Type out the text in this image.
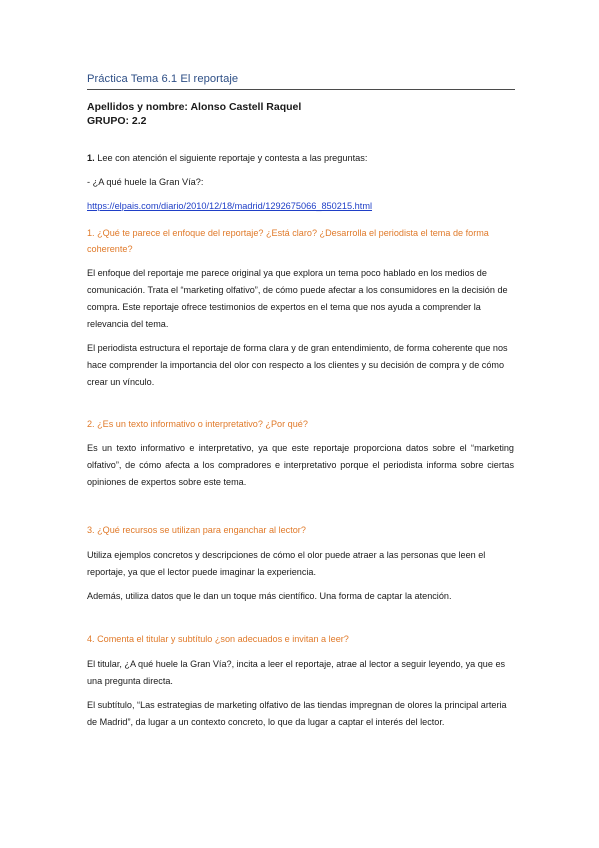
Práctica Tema 6.1 El reportaje
Apellidos y nombre: Alonso Castell Raquel
GRUPO: 2.2
1. Lee con atención el siguiente reportaje y contesta a las preguntas:
- ¿A qué huele la Gran Vía?:
https://elpais.com/diario/2010/12/18/madrid/1292675066_850215.html
1. ¿Qué te parece el enfoque del reportaje? ¿Está claro? ¿Desarrolla el periodista el tema de forma coherente?
El enfoque del reportaje me parece original ya que explora un tema poco hablado en los medios de comunicación. Trata el “marketing olfativo”, de cómo puede afectar a los consumidores en la decisión de compra. Este reportaje ofrece testimonios de expertos en el tema que nos ayuda a comprender la relevancia del tema.
El periodista estructura el reportaje de forma clara y de gran entendimiento, de forma coherente que nos hace comprender la importancia del olor con respecto a los clientes y su decisión de compra y de cómo crear un vínculo.
2. ¿Es un texto informativo o interpretativo? ¿Por qué?
Es un texto informativo e interpretativo, ya que este reportaje proporciona datos sobre el “marketing olfativo”, de cómo afecta a los compradores e interpretativo porque el periodista informa sobre ciertas opiniones de expertos sobre este tema.
3. ¿Qué recursos se utilizan para enganchar al lector?
Utiliza ejemplos concretos y descripciones de cómo el olor puede atraer a las personas que leen el reportaje, ya que el lector puede imaginar la experiencia.
Además, utiliza datos que le dan un toque más científico. Una forma de captar la atención.
4. Comenta el titular y subtítulo ¿son adecuados e invitan a leer?
El titular, ¿A qué huele la Gran Vía?, incita a leer el reportaje, atrae al lector a seguir leyendo, ya que es una pregunta directa.
El subtítulo, “Las estrategias de marketing olfativo de las tiendas impregnan de olores la principal arteria de Madrid”, da lugar a un contexto concreto, lo que da lugar a captar el interés del lector.
